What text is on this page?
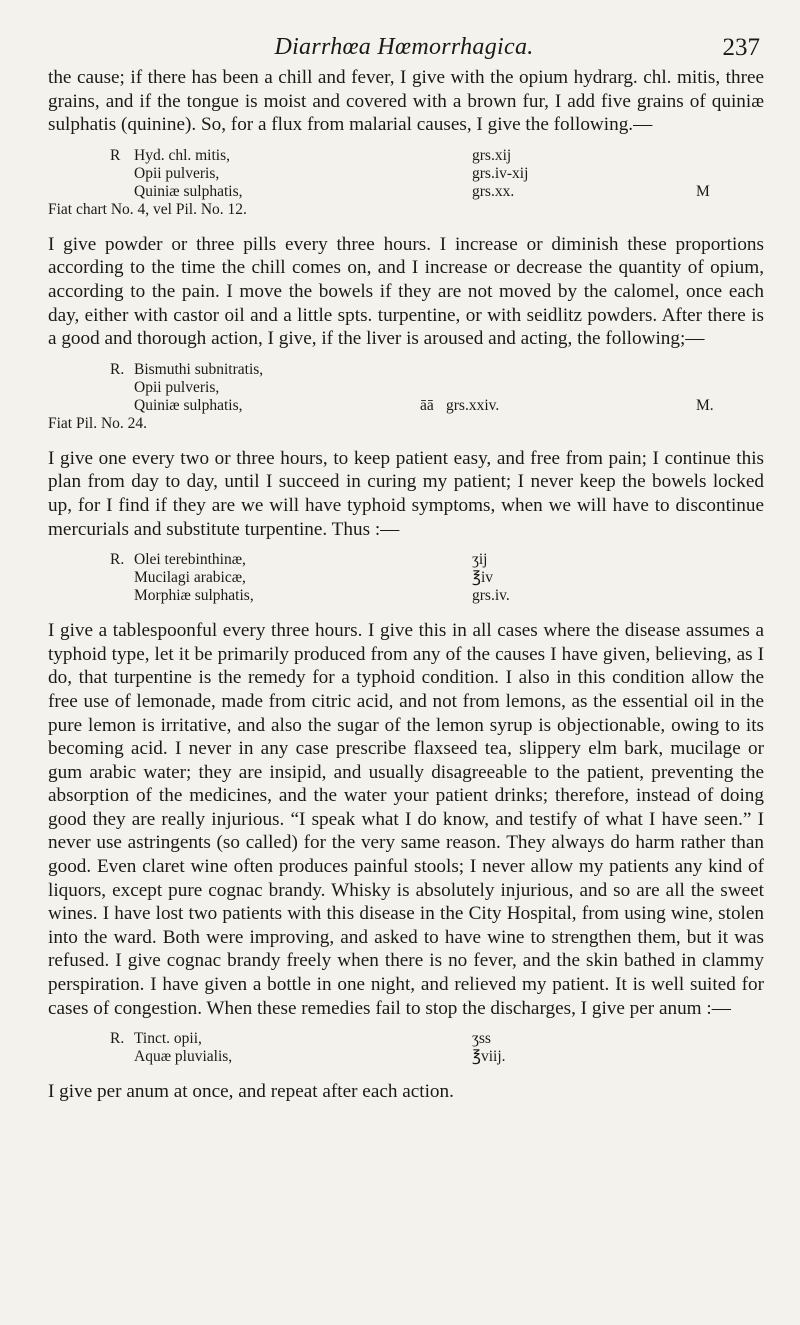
Diarrhœa Hœmorrhagica.	237

the cause; if there has been a chill and fever, I give with the opium hydrarg. chl. mitis, three grains, and if the tongue is moist and covered with a brown fur, I add five grains of quiniæ sulphatis (quinine). So, for a flux from malarial causes, I give the following.—

R Hyd. chl. mitis,	grs.xij
Opii pulveris,	grs.iv-xij
Quiniæ sulphatis,	grs.xx.	M
Fiat chart No. 4, vel Pil. No. 12.

I give powder or three pills every three hours. I increase or diminish these proportions according to the time the chill comes on, and I increase or decrease the quantity of opium, according to the pain. I move the bowels if they are not moved by the calomel, once each day, either with castor oil and a little spts. turpentine, or with seidlitz powders. After there is a good and thorough action, I give, if the liver is aroused and acting, the following;—

R. Bismuthi subnitratis,
Opii pulveris,
Quiniæ sulphatis,	āā grs.xxiv.	M.
Fiat Pil. No. 24.

I give one every two or three hours, to keep patient easy, and free from pain; I continue this plan from day to day, until I succeed in curing my patient; I never keep the bowels locked up, for I find if they are we will have typhoid symptoms, when we will have to discontinue mercurials and substitute turpentine. Thus :—

R. Olei terebinthinæ,	ʒij
Mucilagi arabicæ,	℥iv
Morphiæ sulphatis,	grs.iv.

I give a tablespoonful every three hours. I give this in all cases where the disease assumes a typhoid type, let it be primarily produced from any of the causes I have given, believing, as I do, that turpentine is the remedy for a typhoid condition. I also in this condition allow the free use of lemonade, made from citric acid, and not from lemons, as the essential oil in the pure lemon is irritative, and also the sugar of the lemon syrup is objectionable, owing to its becoming acid. I never in any case prescribe flaxseed tea, slippery elm bark, mucilage or gum arabic water; they are insipid, and usually disagreeable to the patient, preventing the absorption of the medicines, and the water your patient drinks; therefore, instead of doing good they are really injurious. “I speak what I do know, and testify of what I have seen.” I never use astringents (so called) for the very same reason. They always do harm rather than good. Even claret wine often produces painful stools; I never allow my patients any kind of liquors, except pure cognac brandy. Whisky is absolutely injurious, and so are all the sweet wines. I have lost two patients with this disease in the City Hospital, from using wine, stolen into the ward. Both were improving, and asked to have wine to strengthen them, but it was refused. I give cognac brandy freely when there is no fever, and the skin bathed in clammy perspiration. I have given a bottle in one night, and relieved my patient. It is well suited for cases of congestion. When these remedies fail to stop the discharges, I give per anum :—

R. Tinct. opii,	ʒss
Aquæ pluvialis,	℥viij.

I give per anum at once, and repeat after each action.
